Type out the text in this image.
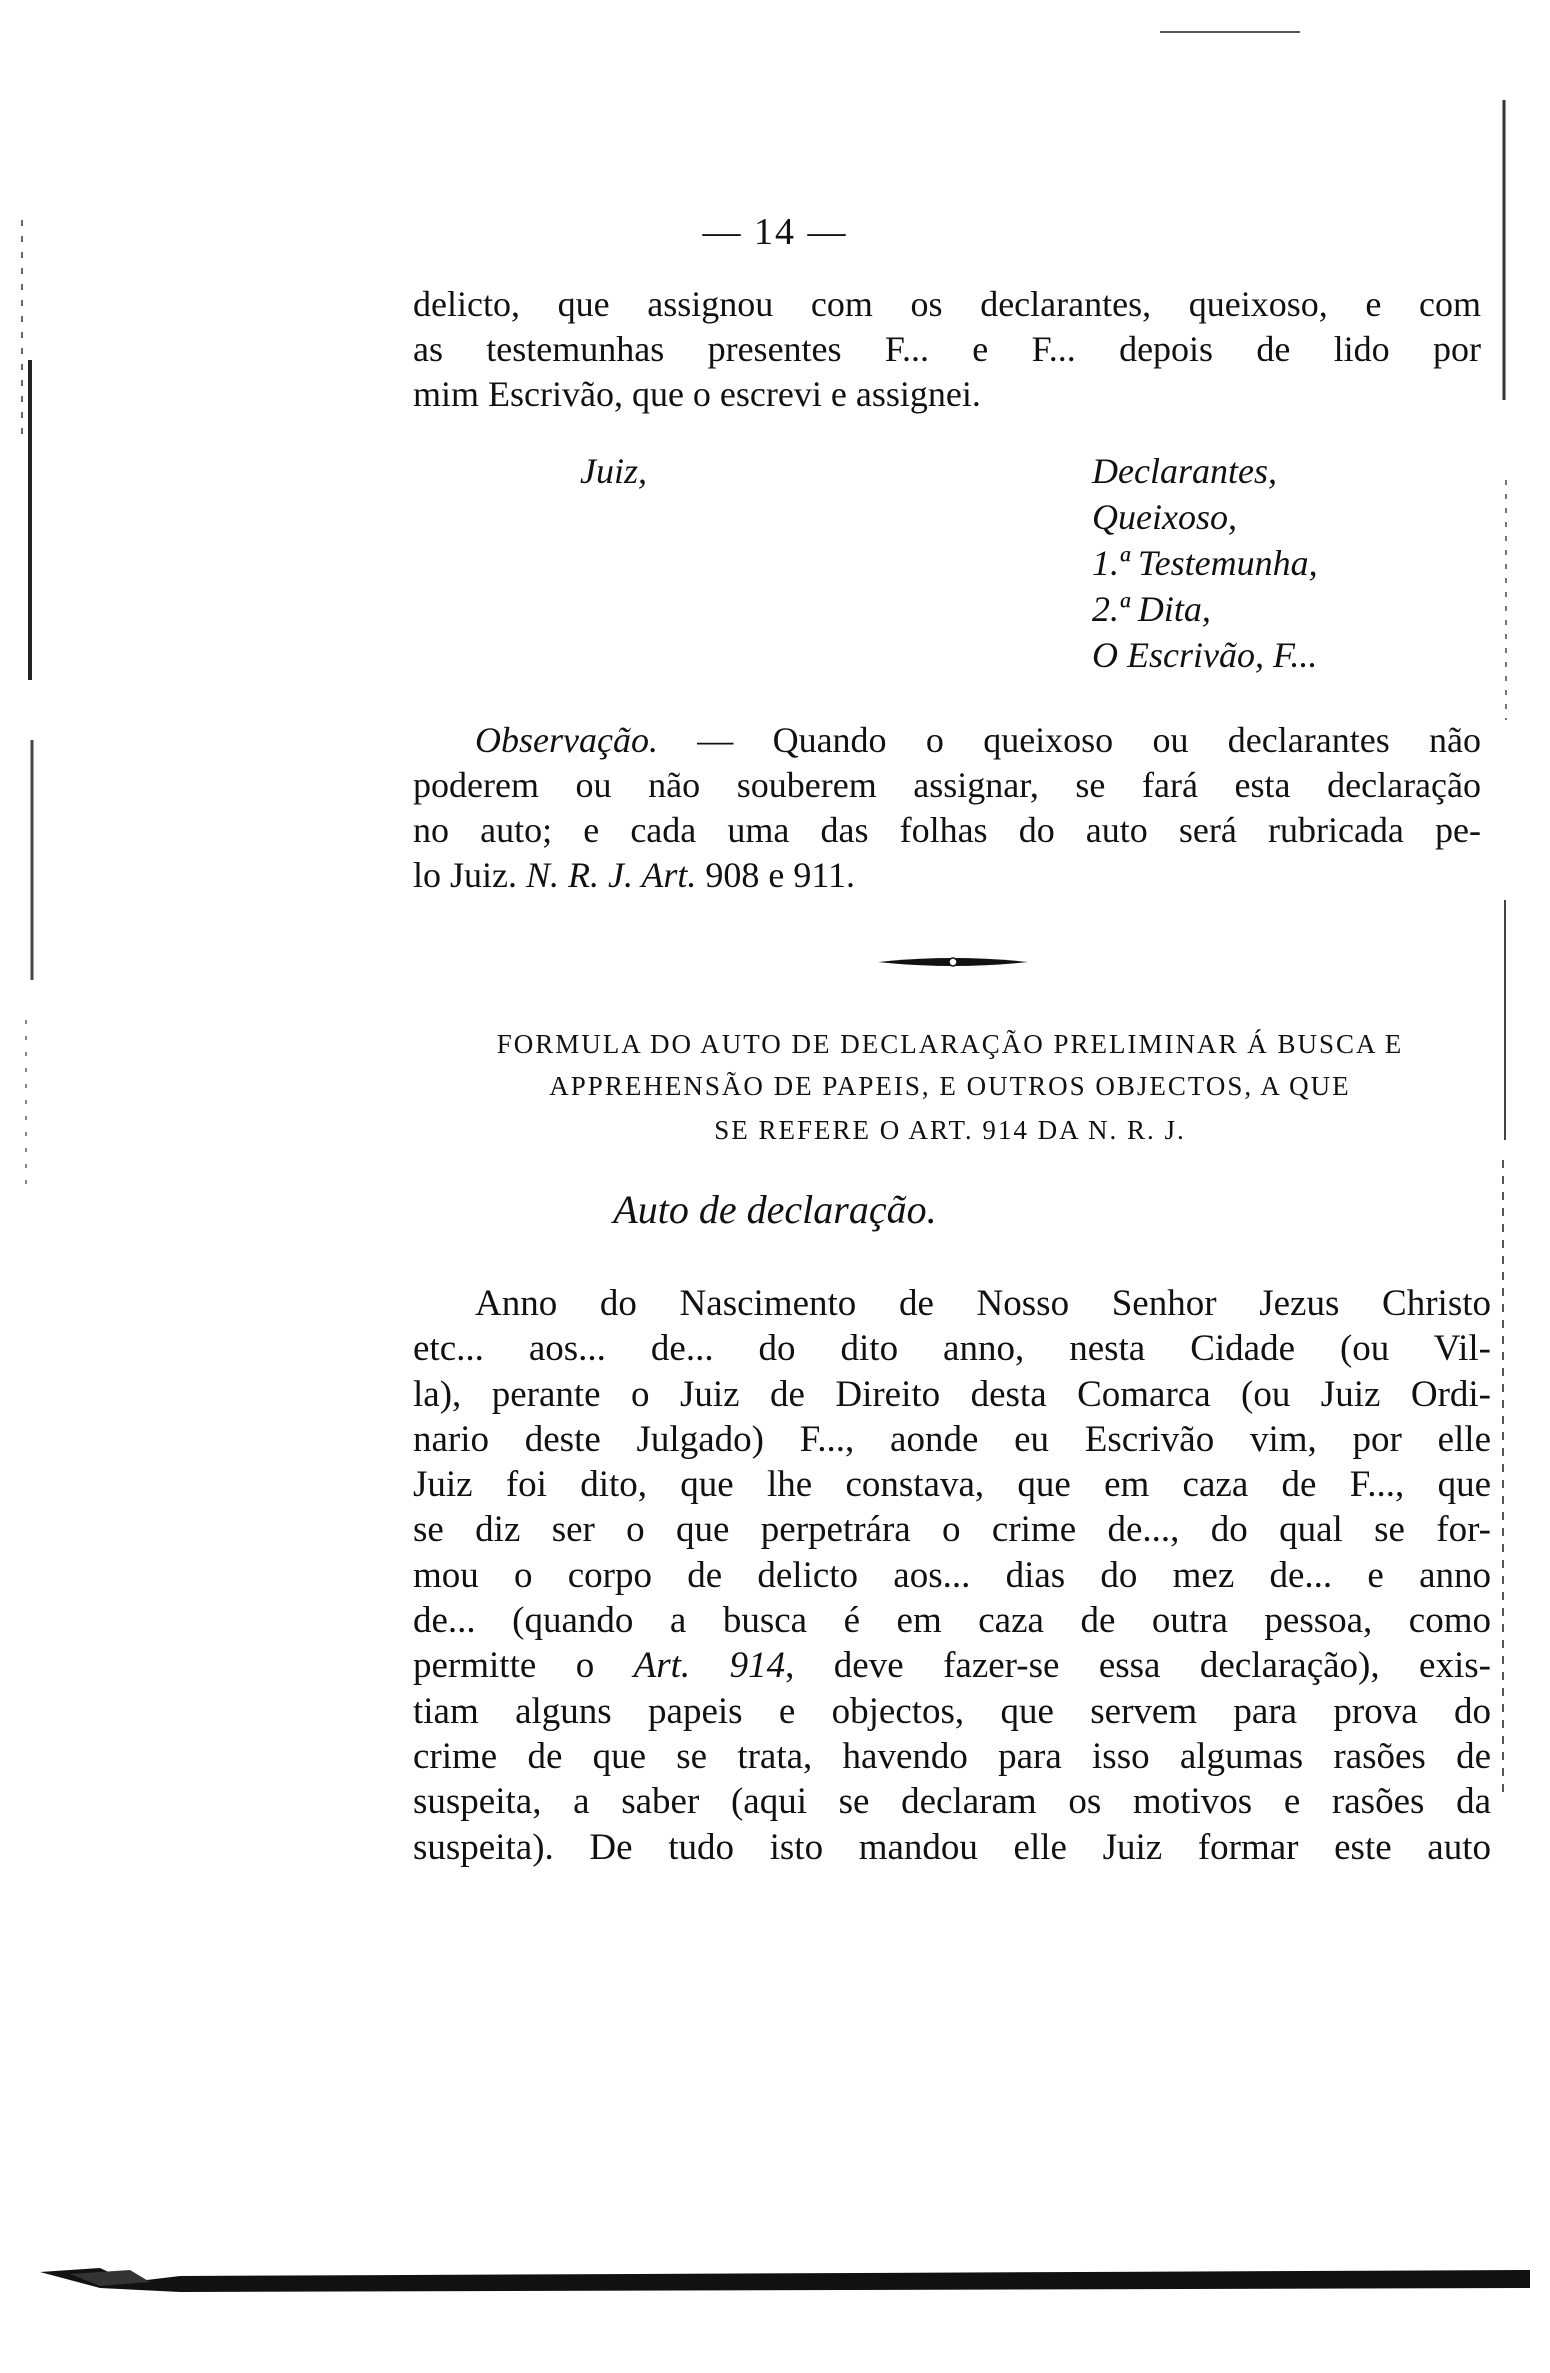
— 14 —
delicto, que assignou com os declarantes, queixoso, e com
as testemunhas presentes F... e F... depois de lido por
mim Escrivão, que o escrevi e assignei.
Juiz,	Declarantes,
Queixoso,
1.ª Testemunha,
2.ª Dita,
O Escrivão, F...
Observação. — Quando o queixoso ou declarantes não
poderem ou não souberem assignar, se fará esta declaração
no auto; e cada uma das folhas do auto será rubricada pe-
lo Juiz. N. R. J. Art. 908 e 911.
FORMULA DO AUTO DE DECLARAÇÃO PRELIMINAR Á BUSCA E
APPREHENSÃO DE PAPEIS, E OUTROS OBJECTOS, A QUE
SE REFERE O ART. 914 DA N. R. J.
Auto de declaração.
Anno do Nascimento de Nosso Senhor Jezus Christo
etc... aos... de... do dito anno, nesta Cidade (ou Vil-
la), perante o Juiz de Direito desta Comarca (ou Juiz Ordi-
nario deste Julgado) F..., aonde eu Escrivão vim, por elle
Juiz foi dito, que lhe constava, que em caza de F..., que
se diz ser o que perpetrára o crime de..., do qual se for-
mou o corpo de delicto aos... dias do mez de... e anno
de... (quando a busca é em caza de outra pessoa, como
permitte o Art. 914, deve fazer-se essa declaração), exis-
tiam alguns papeis e objectos, que servem para prova do
crime de que se trata, havendo para isso algumas rasões de
suspeita, a saber (aqui se declaram os motivos e rasões da
suspeita). De tudo isto mandou elle Juiz formar este auto
